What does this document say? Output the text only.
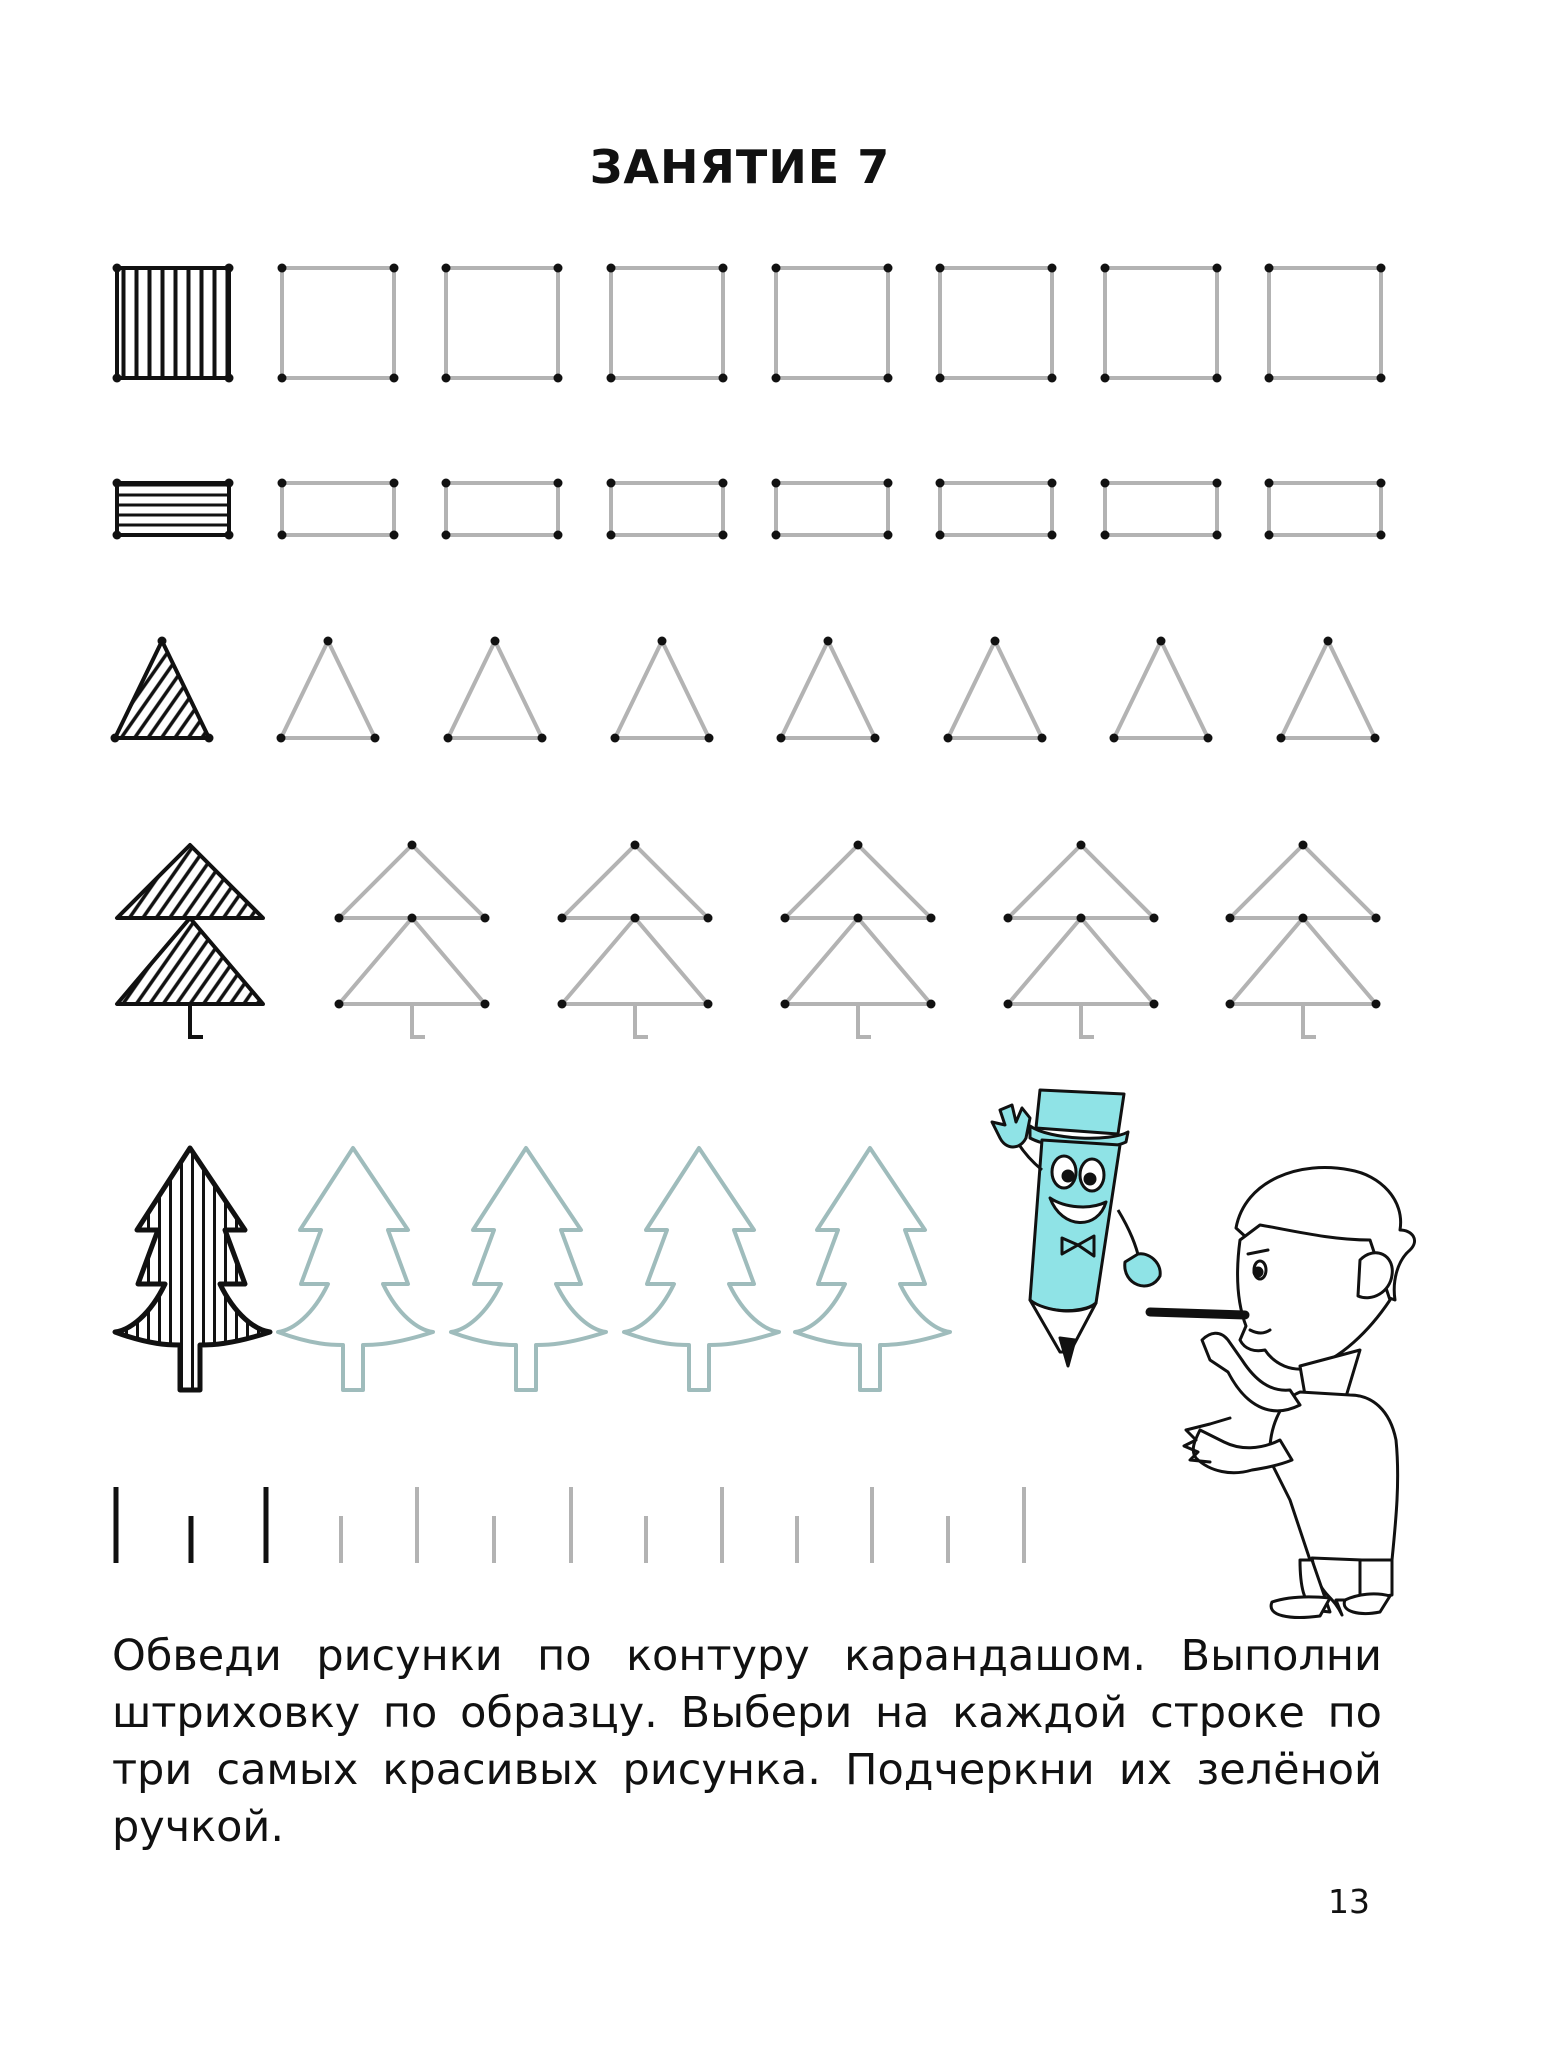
ЗАНЯТИЕ 7

Обведи рисунки по контуру карандашом. Выполни штриховку по образцу. Выбери на каждой строке по три самых красивых рисунка. Подчеркни их зелёной ручкой.

13
